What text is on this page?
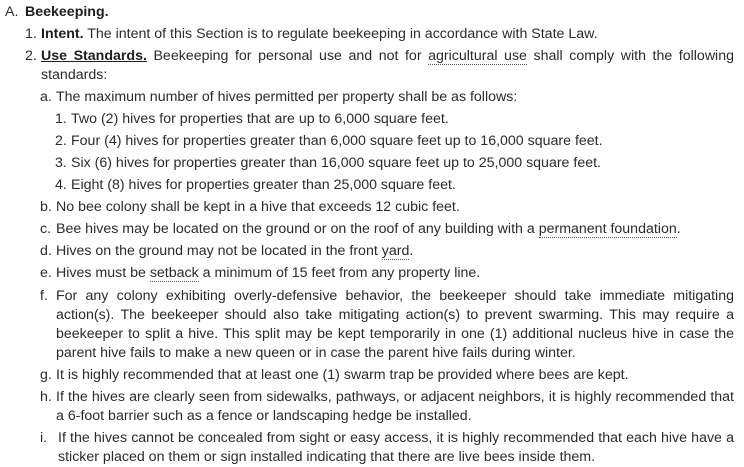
A. Beekeeping.
1. Intent. The intent of this Section is to regulate beekeeping in accordance with State Law.
2. Use Standards. Beekeeping for personal use and not for agricultural use shall comply with the following standards:
a. The maximum number of hives permitted per property shall be as follows:
1. Two (2) hives for properties that are up to 6,000 square feet.
2. Four (4) hives for properties greater than 6,000 square feet up to 16,000 square feet.
3. Six (6) hives for properties greater than 16,000 square feet up to 25,000 square feet.
4. Eight (8) hives for properties greater than 25,000 square feet.
b. No bee colony shall be kept in a hive that exceeds 12 cubic feet.
c. Bee hives may be located on the ground or on the roof of any building with a permanent foundation.
d. Hives on the ground may not be located in the front yard.
e. Hives must be setback a minimum of 15 feet from any property line.
f. For any colony exhibiting overly-defensive behavior, the beekeeper should take immediate mitigating action(s). The beekeeper should also take mitigating action(s) to prevent swarming. This may require a beekeeper to split a hive. This split may be kept temporarily in one (1) additional nucleus hive in case the parent hive fails to make a new queen or in case the parent hive fails during winter.
g. It is highly recommended that at least one (1) swarm trap be provided where bees are kept.
h. If the hives are clearly seen from sidewalks, pathways, or adjacent neighbors, it is highly recommended that a 6-foot barrier such as a fence or landscaping hedge be installed.
i. If the hives cannot be concealed from sight or easy access, it is highly recommended that each hive have a sticker placed on them or sign installed indicating that there are live bees inside them.
